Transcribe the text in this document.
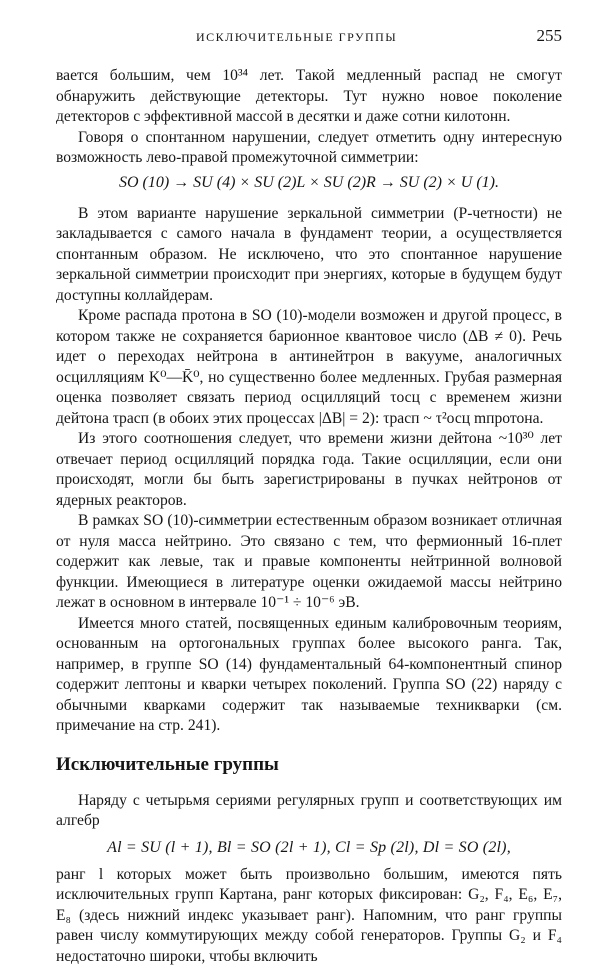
ИСКЛЮЧИТЕЛЬНЫЕ ГРУППЫ	255

вается большим, чем 10³⁴ лет. Такой медленный распад не смогут обнаружить действующие детекторы. Тут нужно новое поколение детекторов с эффективной массой в десятки и даже сотни килотонн.

Говоря о спонтанном нарушении, следует отметить одну интересную возможность лево-правой промежуточной симметрии:

SO (10) → SU (4) × SU (2)L × SU (2)R → SU (2) × U (1).

В этом варианте нарушение зеркальной симметрии (P-четности) не закладывается с самого начала в фундамент теории, а осуществляется спонтанным образом. Не исключено, что это спонтанное нарушение зеркальной симметрии происходит при энергиях, которые в будущем будут доступны коллайдерам.

Кроме распада протона в SO (10)-модели возможен и другой процесс, в котором также не сохраняется барионное квантовое число (ΔB ≠ 0). Речь идет о переходах нейтрона в антинейтрон в вакууме, аналогичных осцилляциям K⁰—K̄⁰, но существенно более медленных. Грубая размерная оценка позволяет связать период осцилляций τосц с временем жизни дейтона τрасп (в обоих этих процессах |ΔB| = 2): τрасп ~ τ²осц mпротона.

Из этого соотношения следует, что времени жизни дейтона ~10³⁰ лет отвечает период осцилляций порядка года. Такие осцилляции, если они происходят, могли бы быть зарегистрированы в пучках нейтронов от ядерных реакторов.

В рамках SO (10)-симметрии естественным образом возникает отличная от нуля масса нейтрино. Это связано с тем, что фермионный 16-плет содержит как левые, так и правые компоненты нейтринной волновой функции. Имеющиеся в литературе оценки ожидаемой массы нейтрино лежат в основном в интервале 10⁻¹ ÷ 10⁻⁶ эВ.

Имеется много статей, посвященных единым калибровочным теориям, основанным на ортогональных группах более высокого ранга. Так, например, в группе SO (14) фундаментальный 64-компонентный спинор содержит лептоны и кварки четырех поколений. Группа SO (22) наряду с обычными кварками содержит так называемые техникварки (см. примечание на стр. 241).

Исключительные группы

Наряду с четырьмя сериями регулярных групп и соответствующих им алгебр

Al = SU (l + 1), Bl = SO (2l + 1), Cl = Sp (2l), Dl = SO (2l),

ранг l которых может быть произвольно большим, имеются пять исключительных групп Картана, ранг которых фиксирован: G₂, F₄, E₆, E₇, E₈ (здесь нижний индекс указывает ранг). Напомним, что ранг группы равен числу коммутирующих между собой генераторов. Группы G₂ и F₄ недостаточно широки, чтобы включить
